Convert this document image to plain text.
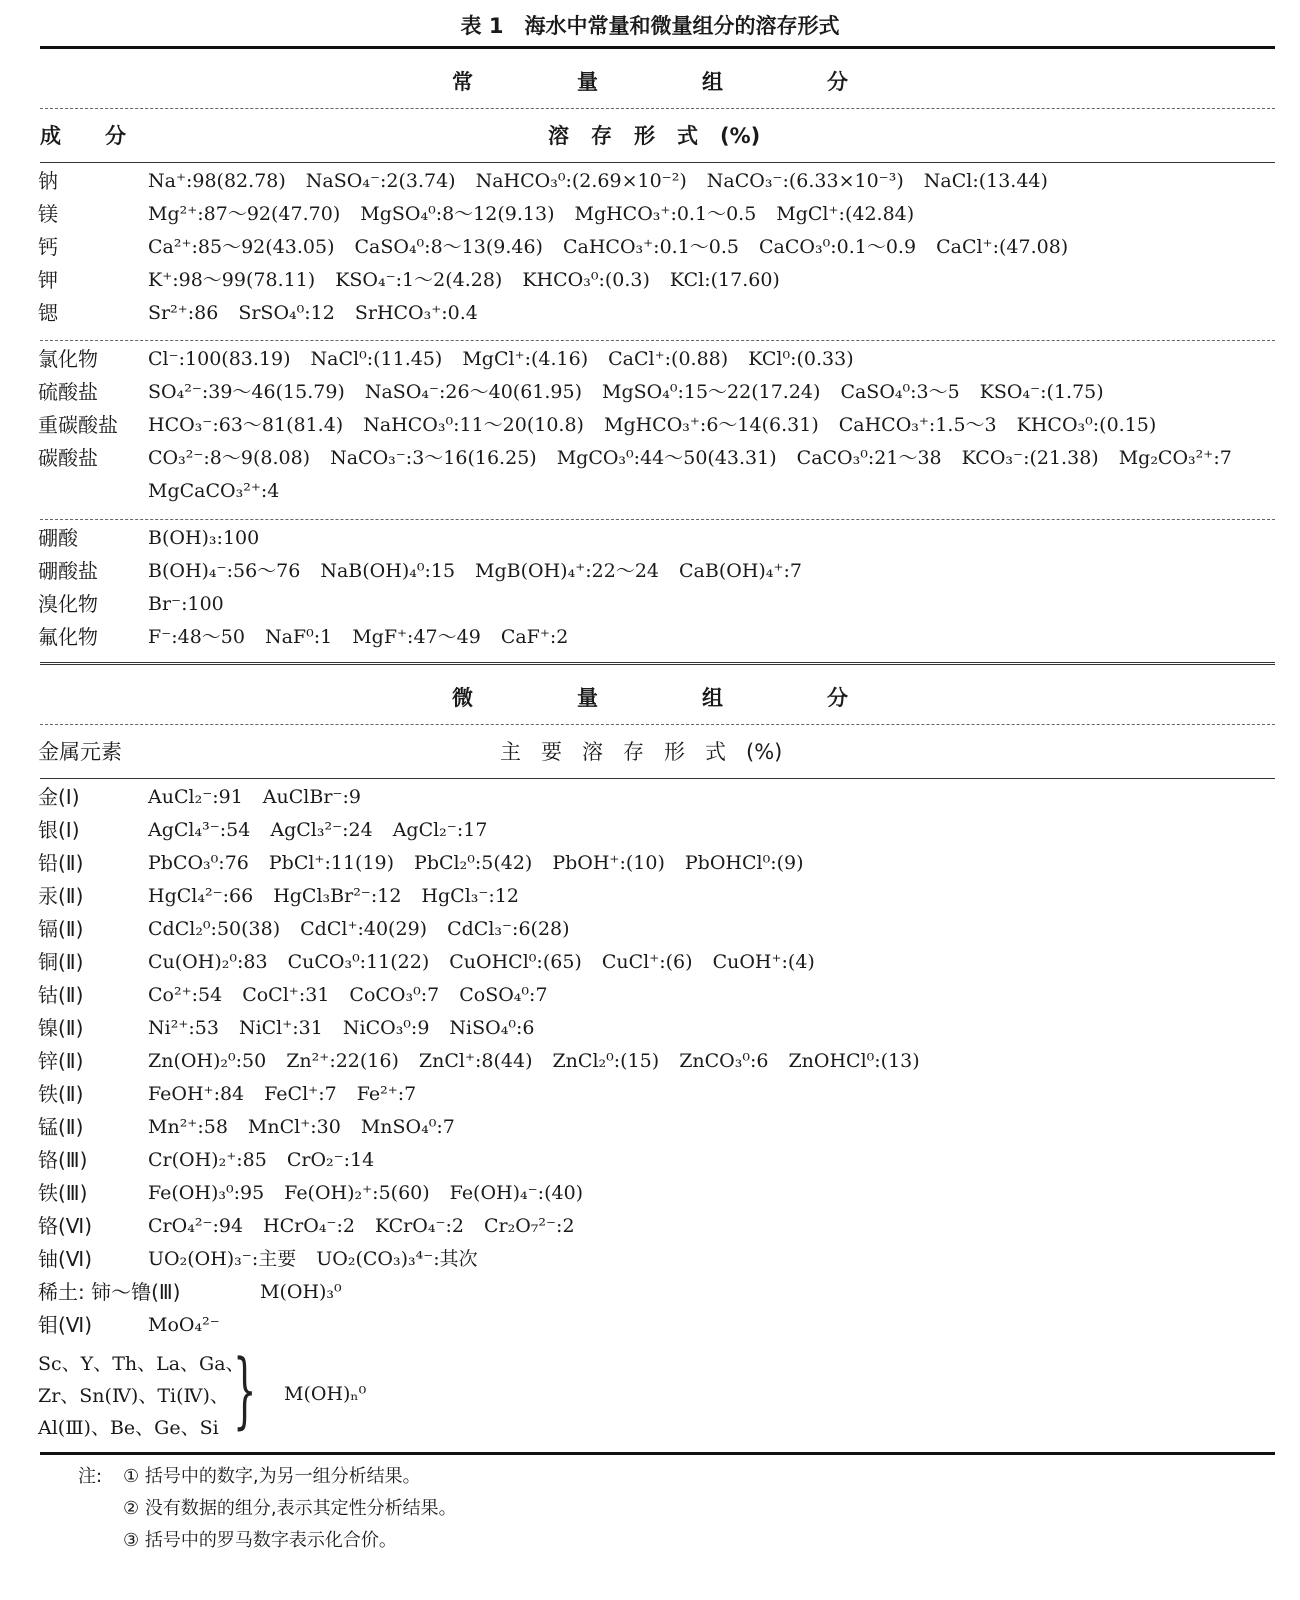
表 1　海水中常量和微量组分的溶存形式
常	量	组	分
成 分	溶 存 形 式 (%)
钠	Na⁺:98(82.78) NaSO₄⁻:2(3.74) NaHCO₃⁰:(2.69×10⁻²) NaCO₃⁻:(6.33×10⁻³) NaCl:(13.44)
镁	Mg²⁺:87～92(47.70) MgSO₄⁰:8～12(9.13) MgHCO₃⁺:0.1～0.5 MgCl⁺:(42.84)
钙	Ca²⁺:85～92(43.05) CaSO₄⁰:8～13(9.46) CaHCO₃⁺:0.1～0.5 CaCO₃⁰:0.1～0.9 CaCl⁺:(47.08)
钾	K⁺:98～99(78.11) KSO₄⁻:1～2(4.28) KHCO₃⁰:(0.3) KCl:(17.60)
锶	Sr²⁺:86 SrSO₄⁰:12 SrHCO₃⁺:0.4
氯化物	Cl⁻:100(83.19) NaCl⁰:(11.45) MgCl⁺:(4.16) CaCl⁺:(0.88) KCl⁰:(0.33)
硫酸盐	SO₄²⁻:39～46(15.79) NaSO₄⁻:26～40(61.95) MgSO₄⁰:15～22(17.24) CaSO₄⁰:3～5 KSO₄⁻:(1.75)
重碳酸盐 HCO₃⁻:63～81(81.4) NaHCO₃⁰:11～20(10.8) MgHCO₃⁺:6～14(6.31) CaHCO₃⁺:1.5～3 KHCO₃⁰:(0.15)
碳酸盐	CO₃²⁻:8～9(8.08) NaCO₃⁻:3～16(16.25) MgCO₃⁰:44～50(43.31) CaCO₃⁰:21～38 KCO₃⁻:(21.38) Mg₂CO₃²⁺:7
MgCaCO₃²⁺:4
硼酸	B(OH)₃:100
硼酸盐	B(OH)₄⁻:56～76 NaB(OH)₄⁰:15 MgB(OH)₄⁺:22～24 CaB(OH)₄⁺:7
溴化物	Br⁻:100
氟化物	F⁻:48～50 NaF⁰:1 MgF⁺:47～49 CaF⁺:2
微	量	组	分
金属元素	主 要 溶 存 形 式 (%)
金(Ⅰ)	AuCl₂⁻:91 AuClBr⁻:9
银(Ⅰ)	AgCl₄³⁻:54 AgCl₃²⁻:24 AgCl₂⁻:17
铅(Ⅱ)	PbCO₃⁰:76 PbCl⁺:11(19) PbCl₂⁰:5(42) PbOH⁺:(10) PbOHCl⁰:(9)
汞(Ⅱ)	HgCl₄²⁻:66 HgCl₃Br²⁻:12 HgCl₃⁻:12
镉(Ⅱ)	CdCl₂⁰:50(38) CdCl⁺:40(29) CdCl₃⁻:6(28)
铜(Ⅱ)	Cu(OH)₂⁰:83 CuCO₃⁰:11(22) CuOHCl⁰:(65) CuCl⁺:(6) CuOH⁺:(4)
钴(Ⅱ)	Co²⁺:54 CoCl⁺:31 CoCO₃⁰:7 CoSO₄⁰:7
镍(Ⅱ)	Ni²⁺:53 NiCl⁺:31 NiCO₃⁰:9 NiSO₄⁰:6
锌(Ⅱ)	Zn(OH)₂⁰:50 Zn²⁺:22(16) ZnCl⁺:8(44) ZnCl₂⁰:(15) ZnCO₃⁰:6 ZnOHCl⁰:(13)
铁(Ⅱ)	FeOH⁺:84 FeCl⁺:7 Fe²⁺:7
锰(Ⅱ)	Mn²⁺:58 MnCl⁺:30 MnSO₄⁰:7
铬(Ⅲ)	Cr(OH)₂⁺:85 CrO₂⁻:14
铁(Ⅲ)	Fe(OH)₃⁰:95 Fe(OH)₂⁺:5(60) Fe(OH)₄⁻:(40)
铬(Ⅵ)	CrO₄²⁻:94 HCrO₄⁻:2 KCrO₄⁻:2 Cr₂O₇²⁻:2
铀(Ⅵ)	UO₂(OH)₃⁻:主要 UO₂(CO₃)₃⁴⁻:其次
稀土: 铈～镥(Ⅲ)	M(OH)₃⁰
钼(Ⅵ)	MoO₄²⁻
Sc、Y、Th、La、Ga、
Zr、Sn(Ⅳ)、Ti(Ⅳ)、
Al(Ⅲ)、Be、Ge、Si } M(OH)ₙ⁰
注: ① 括号中的数字,为另一组分析结果。
② 没有数据的组分,表示其定性分析结果。
③ 括号中的罗马数字表示化合价。
